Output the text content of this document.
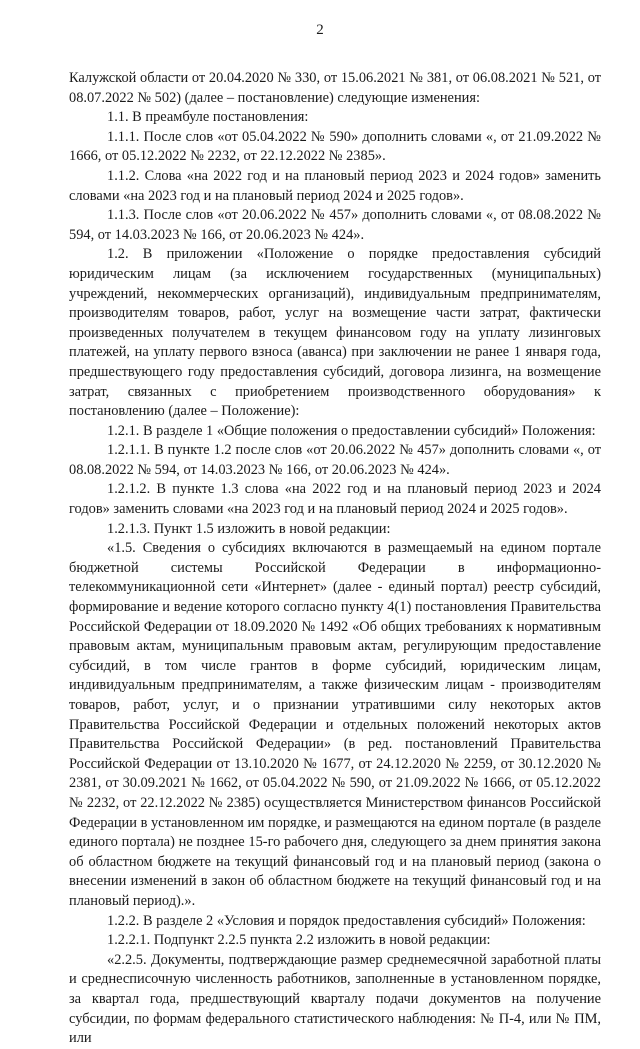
2

Калужской области от 20.04.2020 № 330, от 15.06.2021 № 381, от 06.08.2021 № 521, от 08.07.2022 № 502) (далее – постановление) следующие изменения:

1.1. В преамбуле постановления:

1.1.1. После слов «от 05.04.2022 № 590» дополнить словами «, от 21.09.2022 № 1666, от 05.12.2022 № 2232, от 22.12.2022 № 2385».

1.1.2. Слова «на 2022 год и на плановый период 2023 и 2024 годов» заменить словами «на 2023 год и на плановый период 2024 и 2025 годов».

1.1.3. После слов «от 20.06.2022 № 457» дополнить словами «, от 08.08.2022 № 594, от 14.03.2023 № 166, от 20.06.2023 № 424».

1.2. В приложении «Положение о порядке предоставления субсидий юридическим лицам (за исключением государственных (муниципальных) учреждений, некоммерческих организаций), индивидуальным предпринимателям, производителям товаров, работ, услуг на возмещение части затрат, фактически произведенных получателем в текущем финансовом году на уплату лизинговых платежей, на уплату первого взноса (аванса) при заключении не ранее 1 января года, предшествующего году предоставления субсидий, договора лизинга, на возмещение затрат, связанных с приобретением производственного оборудования» к постановлению (далее – Положение):

1.2.1. В разделе 1 «Общие положения о предоставлении субсидий» Положения:

1.2.1.1. В пункте 1.2 после слов «от 20.06.2022 № 457» дополнить словами «, от 08.08.2022 № 594, от 14.03.2023 № 166, от 20.06.2023 № 424».

1.2.1.2. В пункте 1.3 слова «на 2022 год и на плановый период 2023 и 2024 годов» заменить словами «на 2023 год и на плановый период 2024 и 2025 годов».

1.2.1.3. Пункт 1.5 изложить в новой редакции:

«1.5. Сведения о субсидиях включаются в размещаемый на едином портале бюджетной системы Российской Федерации в информационно-телекоммуникационной сети «Интернет» (далее - единый портал) реестр субсидий, формирование и ведение которого согласно пункту 4(1) постановления Правительства Российской Федерации от 18.09.2020 № 1492 «Об общих требованиях к нормативным правовым актам, муниципальным правовым актам, регулирующим предоставление субсидий, в том числе грантов в форме субсидий, юридическим лицам, индивидуальным предпринимателям, а также физическим лицам - производителям товаров, работ, услуг, и о признании утратившими силу некоторых актов Правительства Российской Федерации и отдельных положений некоторых актов Правительства Российской Федерации» (в ред. постановлений Правительства Российской Федерации от 13.10.2020 № 1677, от 24.12.2020 № 2259, от 30.12.2020 № 2381, от 30.09.2021 № 1662, от 05.04.2022 № 590, от 21.09.2022 № 1666, от 05.12.2022 № 2232, от 22.12.2022 № 2385) осуществляется Министерством финансов Российской Федерации в установленном им порядке, и размещаются на едином портале (в разделе единого портала) не позднее 15-го рабочего дня, следующего за днем принятия закона об областном бюджете на текущий финансовый год и на плановый период (закона о внесении изменений в закон об областном бюджете на текущий финансовый год и на плановый период).».

1.2.2. В разделе 2 «Условия и порядок предоставления субсидий» Положения:

1.2.2.1. Подпункт 2.2.5 пункта 2.2 изложить в новой редакции:

«2.2.5. Документы, подтверждающие размер среднемесячной заработной платы и среднесписочную численность работников, заполненные в установленном порядке, за квартал года, предшествующий кварталу подачи документов на получение субсидии, по формам федерального статистического наблюдения: № П-4, или № ПМ, или
